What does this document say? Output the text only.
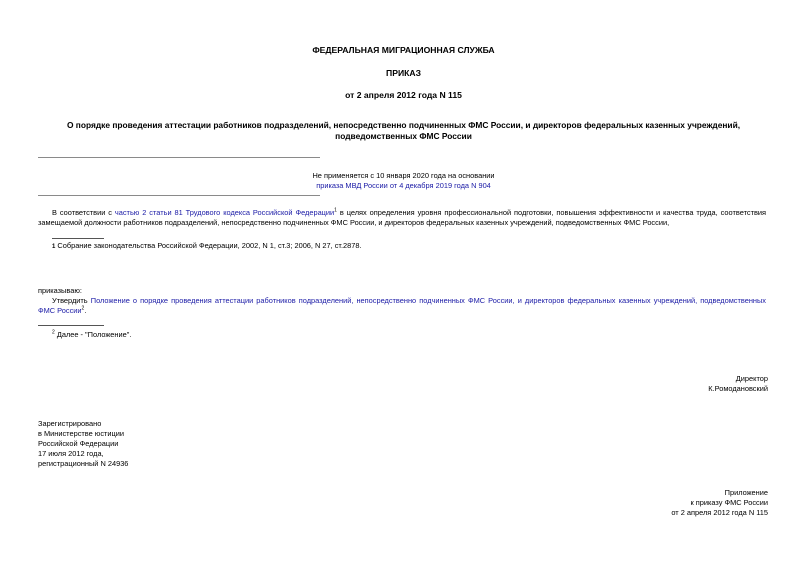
ФЕДЕРАЛЬНАЯ МИГРАЦИОННАЯ СЛУЖБА
ПРИКАЗ
от 2 апреля 2012 года N 115
О порядке проведения аттестации работников подразделений, непосредственно подчиненных ФМС России, и директоров федеральных казенных учреждений,
подведомственных ФМС России
Не применяется с 10 января 2020 года на основании
приказа МВД России от 4 декабря 2019 года N 904
В соответствии с частью 2 статьи 81 Трудового кодекса Российской Федерации$^1$ в целях определения уровня профессиональной подготовки, повышения эффективности и качества труда, соответствия замещаемой должности работников подразделений, непосредственно подчиненных ФМС России, и директоров федеральных казенных учреждений, подведомственных ФМС России,
1 Собрание законодательства Российской Федерации, 2002, N 1, ст.3; 2006, N 27, ст.2878.
приказываю:
Утвердить Положение о порядке проведения аттестации работников подразделений, непосредственно подчиненных ФМС России, и директоров федеральных казенных учреждений, подведомственных ФМС России$^2$.
$^2$ Далее - "Положение".
Директор
К.Ромодановский
Зарегистрировано
в Министерстве юстиции
Российской Федерации
17 июля 2012 года,
регистрационный N 24936
Приложение
к приказу ФМС России
от 2 апреля 2012 года N 115
